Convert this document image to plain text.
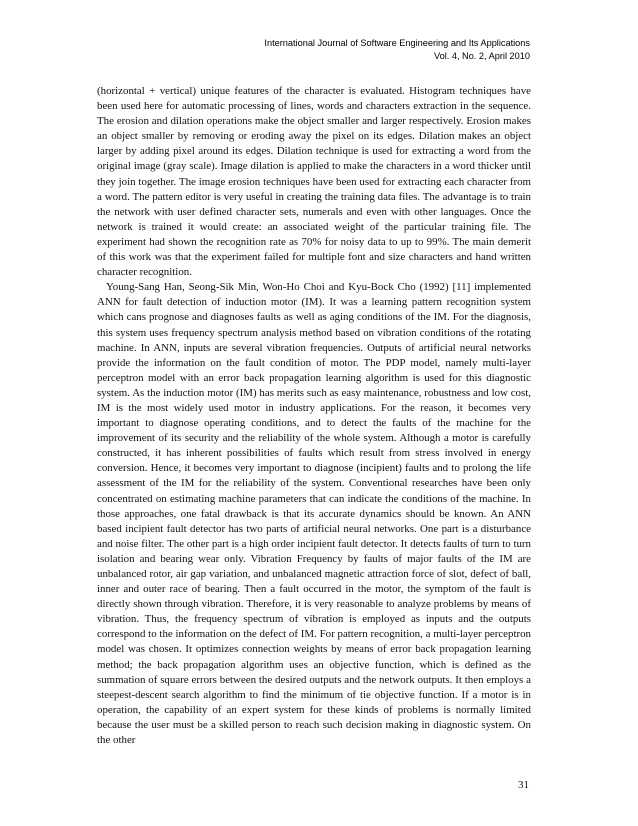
International Journal of Software Engineering and Its Applications
Vol. 4, No. 2, April 2010

(horizontal + vertical) unique features of the character is evaluated. Histogram techniques have been used here for automatic processing of lines, words and characters extraction in the sequence. The erosion and dilation operations make the object smaller and larger respectively. Erosion makes an object smaller by removing or eroding away the pixel on its edges. Dilation makes an object larger by adding pixel around its edges. Dilation technique is used for extracting a word from the original image (gray scale). Image dilation is applied to make the characters in a word thicker until they join together. The image erosion techniques have been used for extracting each character from a word. The pattern editor is very useful in creating the training data files. The advantage is to train the network with user defined character sets, numerals and even with other languages. Once the network is trained it would create: an associated weight of the particular training file. The experiment had shown the recognition rate as 70% for noisy data to up to 99%. The main demerit of this work was that the experiment failed for multiple font and size characters and hand written character recognition.

Young-Sang Han, Seong-Sik Min, Won-Ho Choi and Kyu-Bock Cho (1992) [11] implemented ANN for fault detection of induction motor (IM). It was a learning pattern recognition system which cans prognose and diagnoses faults as well as aging conditions of the IM. For the diagnosis, this system uses frequency spectrum analysis method based on vibration conditions of the rotating machine. In ANN, inputs are several vibration frequencies. Outputs of artificial neural networks provide the information on the fault condition of motor. The PDP model, namely multi-layer perceptron model with an error back propagation learning algorithm is used for this diagnostic system. As the induction motor (IM) has merits such as easy maintenance, robustness and low cost, IM is the most widely used motor in industry applications. For the reason, it becomes very important to diagnose operating conditions, and to detect the faults of the machine for the improvement of its security and the reliability of the whole system. Although a motor is carefully constructed, it has inherent possibilities of faults which result from stress involved in energy conversion. Hence, it becomes very important to diagnose (incipient) faults and to prolong the life assessment of the IM for the reliability of the system. Conventional researches have been only concentrated on estimating machine parameters that can indicate the conditions of the machine. In those approaches, one fatal drawback is that its accurate dynamics should be known. An ANN based incipient fault detector has two parts of artificial neural networks. One part is a disturbance and noise filter. The other part is a high order incipient fault detector. It detects faults of turn to turn isolation and bearing wear only. Vibration Frequency by faults of major faults of the IM are unbalanced rotor, air gap variation, and unbalanced magnetic attraction force of slot, defect of ball, inner and outer race of bearing. Then a fault occurred in the motor, the symptom of the fault is directly shown through vibration. Therefore, it is very reasonable to analyze problems by means of vibration. Thus, the frequency spectrum of vibration is employed as inputs and the outputs correspond to the information on the defect of IM. For pattern recognition, a multi-layer perceptron model was chosen. It optimizes connection weights by means of error back propagation learning method; the back propagation algorithm uses an objective function, which is defined as the summation of square errors between the desired outputs and the network outputs. It then employs a steepest-descent search algorithm to find the minimum of tie objective function. If a motor is in operation, the capability of an expert system for these kinds of problems is normally limited because the user must be a skilled person to reach such decision making in diagnostic system. On the other

31
